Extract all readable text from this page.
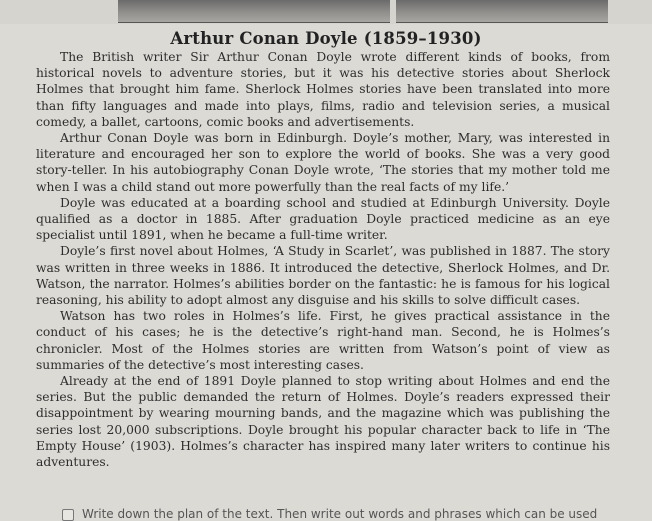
Arthur Conan Doyle (1859–1930)

The British writer Sir Arthur Conan Doyle wrote different kinds of books, from historical novels to adventure stories, but it was his detective stories about Sherlock Holmes that brought him fame. Sherlock Holmes stories have been translated into more than fifty languages and made into plays, films, radio and television series, a musical comedy, a ballet, cartoons, comic books and advertisements.

Arthur Conan Doyle was born in Edinburgh. Doyle’s mother, Mary, was interested in literature and encouraged her son to explore the world of books. She was a very good story-teller. In his autobiography Conan Doyle wrote, ‘The stories that my mother told me when I was a child stand out more powerfully than the real facts of my life.’

Doyle was educated at a boarding school and studied at Edinburgh University. Doyle qualified as a doctor in 1885. After graduation Doyle practiced medicine as an eye specialist until 1891, when he became a full-time writer.

Doyle’s first novel about Holmes, ‘A Study in Scarlet’, was published in 1887. The story was written in three weeks in 1886. It introduced the detective, Sherlock Holmes, and Dr. Watson, the narrator. Holmes’s abilities border on the fantastic: he is famous for his logical reasoning, his ability to adopt almost any disguise and his skills to solve difficult cases.

Watson has two roles in Holmes’s life. First, he gives practical assistance in the conduct of his cases; he is the detective’s right-hand man. Second, he is Holmes’s chronicler. Most of the Holmes stories are written from Watson’s point of view as summaries of the detective’s most interesting cases.

Already at the end of 1891 Doyle planned to stop writing about Holmes and end the series. But the public demanded the return of Holmes. Doyle’s readers expressed their disappointment by wearing mourning bands, and the magazine which was publishing the series lost 20,000 subscriptions. Doyle brought his popular character back to life in ‘The Empty House’ (1903). Holmes’s character has inspired many later writers to continue his adventures.

Write down the plan of the text. Then write out words and phrases which can be used
